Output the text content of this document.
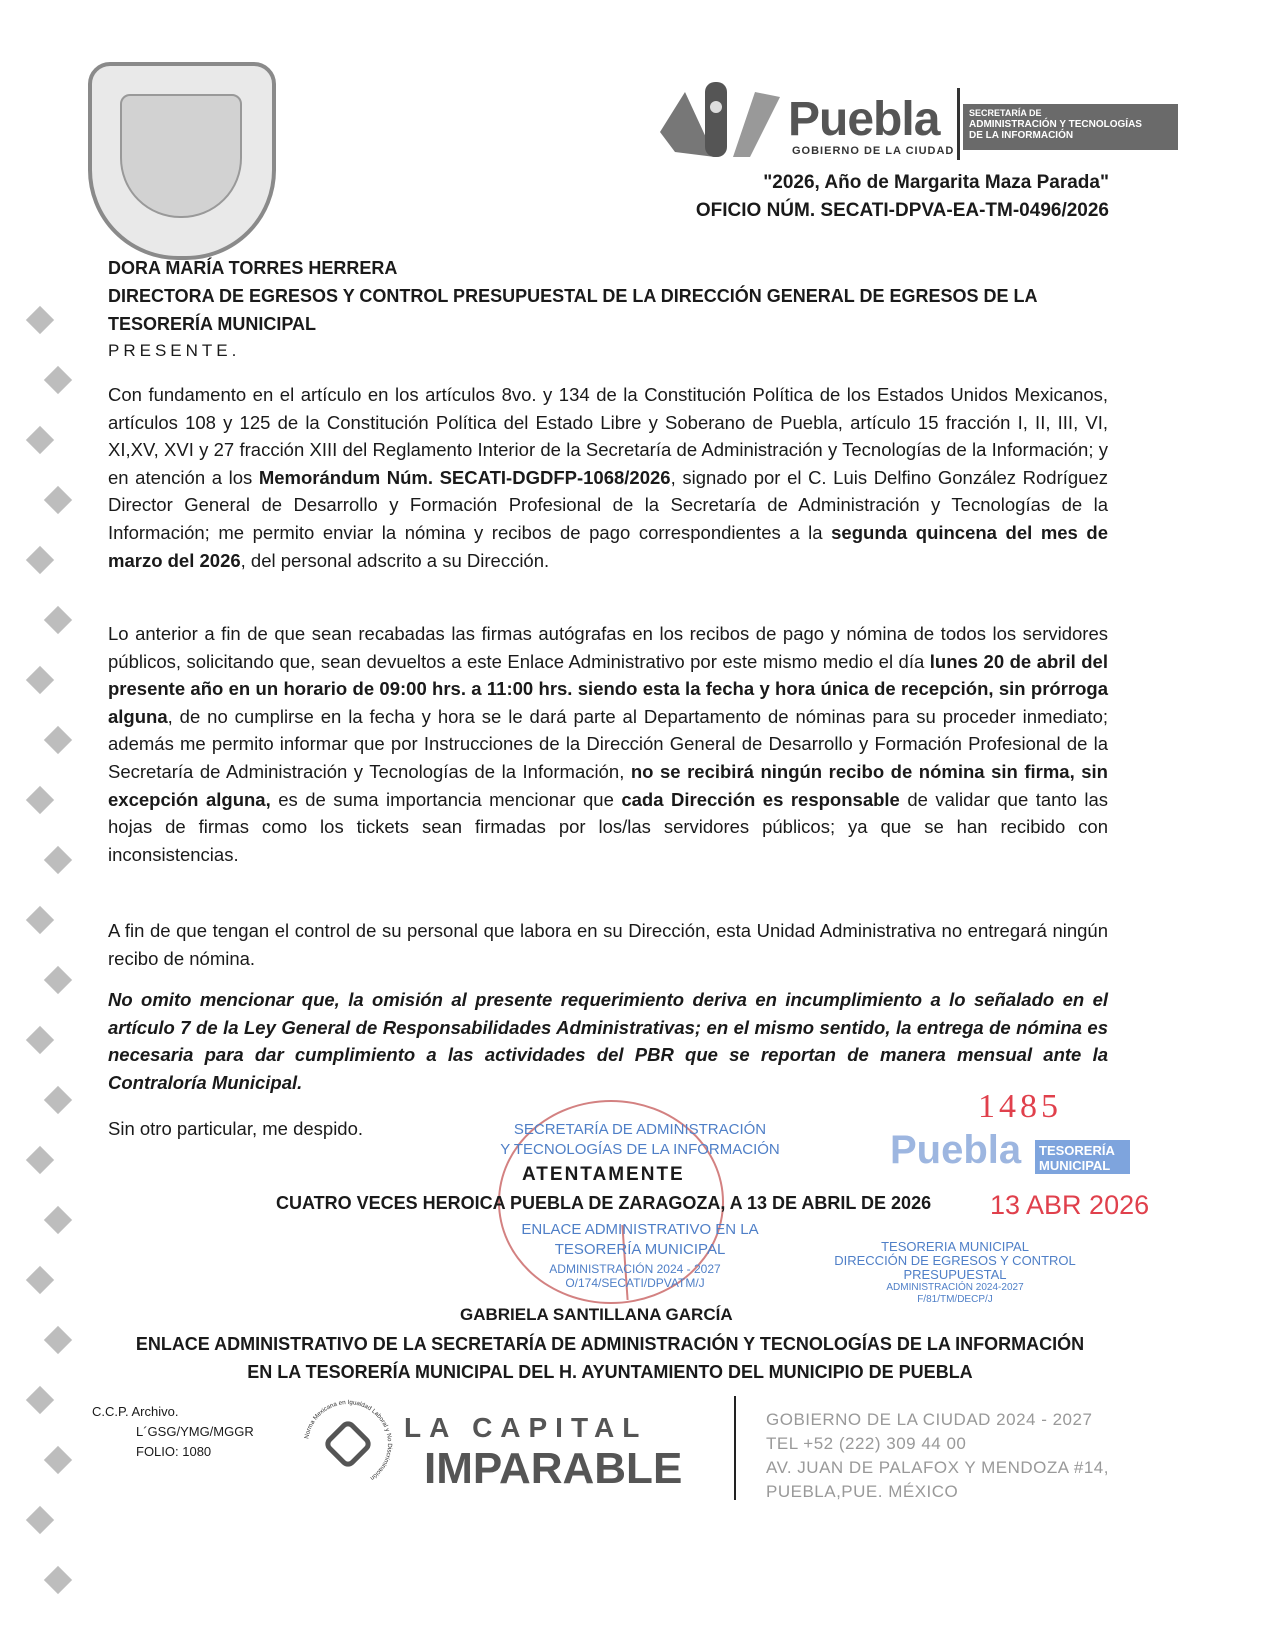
Puebla
GOBIERNO DE LA CIUDAD
SECRETARÍA DE
ADMINISTRACIÓN Y TECNOLOGÍAS
DE LA INFORMACIÓN
"2026, Año de Margarita Maza Parada"
OFICIO NÚM. SECATI-DPVA-EA-TM-0496/2026
DORA MARÍA TORRES HERRERA
DIRECTORA DE EGRESOS Y CONTROL PRESUPUESTAL DE LA DIRECCIÓN GENERAL DE EGRESOS DE LA TESORERÍA MUNICIPAL
PRESENTE.
Con fundamento en el artículo en los artículos 8vo. y 134 de la Constitución Política de los Estados Unidos Mexicanos, artículos 108 y 125 de la Constitución Política del Estado Libre y Soberano de Puebla, artículo 15 fracción I, II, III, VI, XI,XV, XVI y 27 fracción XIII del Reglamento Interior de la Secretaría de Administración y Tecnologías de la Información; y en atención a los Memorándum Núm. SECATI-DGDFP-1068/2026, signado por el C. Luis Delfino González Rodríguez Director General de Desarrollo y Formación Profesional de la Secretaría de Administración y Tecnologías de la Información; me permito enviar la nómina y recibos de pago correspondientes a la segunda quincena del mes de marzo del 2026, del personal adscrito a su Dirección.
Lo anterior a fin de que sean recabadas las firmas autógrafas en los recibos de pago y nómina de todos los servidores públicos, solicitando que, sean devueltos a este Enlace Administrativo por este mismo medio el día lunes 20 de abril del presente año en un horario de 09:00 hrs. a 11:00 hrs. siendo esta la fecha y hora única de recepción, sin prórroga alguna, de no cumplirse en la fecha y hora se le dará parte al Departamento de nóminas para su proceder inmediato; además me permito informar que por Instrucciones de la Dirección General de Desarrollo y Formación Profesional de la Secretaría de Administración y Tecnologías de la Información, no se recibirá ningún recibo de nómina sin firma, sin excepción alguna, es de suma importancia mencionar que cada Dirección es responsable de validar que tanto las hojas de firmas como los tickets sean firmadas por los/las servidores públicos; ya que se han recibido con inconsistencias.
A fin de que tengan el control de su personal que labora en su Dirección, esta Unidad Administrativa no entregará ningún recibo de nómina.
No omito mencionar que, la omisión al presente requerimiento deriva en incumplimiento a lo señalado en el artículo 7 de la Ley General de Responsabilidades Administrativas; en el mismo sentido, la entrega de nómina es necesaria para dar cumplimiento a las actividades del PBR que se reportan de manera mensual ante la Contraloría Municipal.
Puebla	TESORERÍA MUNICIPAL
SECRETARÍA DE ADMINISTRACIÓN
Y TECNOLOGÍAS DE LA INFORMACIÓN
ENLACE ADMINISTRATIVO EN LA
TESORERÍA MUNICIPAL
ADMINISTRACIÓN 2024 - 2027
O/174/SECATI/DPVATM/J
TESORERIA MUNICIPAL
DIRECCIÓN DE EGRESOS Y CONTROL
PRESUPUESTAL
ADMINISTRACIÓN 2024-2027
F/81/TM/DECP/J
1485
13 ABR 2026
Sin otro particular, me despido.
ATENTAMENTE
CUATRO VECES HEROICA PUEBLA DE ZARAGOZA, A 13 DE ABRIL DE 2026
GABRIELA SANTILLANA GARCÍA
ENLACE ADMINISTRATIVO DE LA SECRETARÍA DE ADMINISTRACIÓN Y TECNOLOGÍAS DE LA INFORMACIÓN
EN LA TESORERÍA MUNICIPAL DEL H. AYUNTAMIENTO DEL MUNICIPIO DE PUEBLA
C.C.P. Archivo.
L´GSG/YMG/MGGR
FOLIO: 1080
Norma Mexicana en Igualdad Laboral y No Discriminación
LA CAPITAL
IMPARABLE
GOBIERNO DE LA CIUDAD 2024 - 2027
TEL +52 (222) 309 44 00
AV. JUAN DE PALAFOX Y MENDOZA #14,
PUEBLA,PUE. MÉXICO
